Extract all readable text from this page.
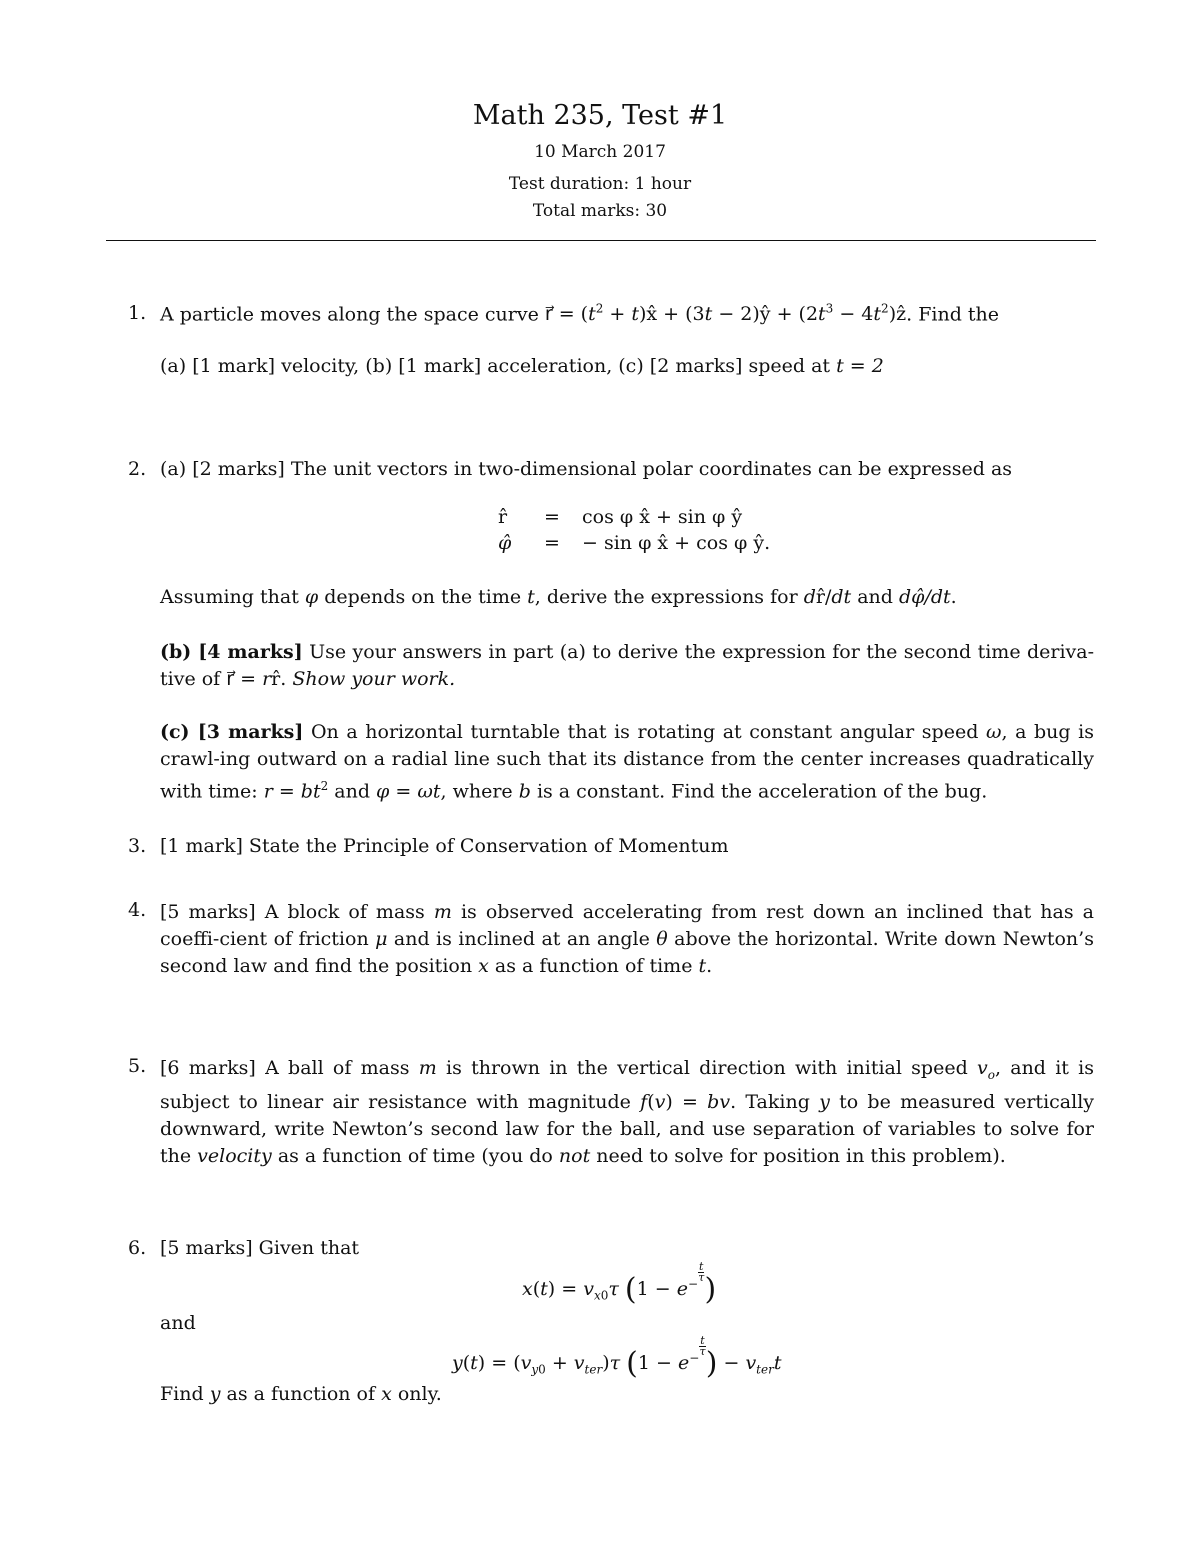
Math 235, Test #1
10 March 2017
Test duration: 1 hour
Total marks: 30
1. A particle moves along the space curve r⃗ = ($t^2$ + t)x̂ + (3t − 2)ŷ + ($2t^3$ − $4t^2)ẑ$. Find the
(a) [1 mark] velocity, (b) [1 mark] acceleration, (c) [2 marks] speed at t = 2
2. (a) [2 marks] The unit vectors in two-dimensional polar coordinates can be expressed as
r̂	=	cos φ x̂ + sin φ ŷ
φ̂	=	− sin φ x̂ + cos φ ŷ.
Assuming that φ depends on the time t, derive the expressions for dr̂/dt and dφ̂/dt.
(b) [4 marks] Use your answers in part (a) to derive the expression for the second time deriva-tive of r⃗ = rr̂. Show your work.
(c) [3 marks] On a horizontal turntable that is rotating at constant angular speed ω, a bug is crawl-ing outward on a radial line such that its distance from the center increases quadratically with time: $r = bt^2$ and φ = ωt, where b is a constant. Find the acceleration of the bug.
3. [1 mark] State the Principle of Conservation of Momentum
4. [5 marks] A block of mass m is observed accelerating from rest down an inclined that has a coeffi-cient of friction μ and is inclined at an angle θ above the horizontal. Write down Newton’s second law and find the position x as a function of time t.
5. [6 marks] A ball of mass m is thrown in the vertical direction with initial speed $v_o$, and it is subject to linear air resistance with magnitude f(v) = bv. Taking y to be measured vertically downward, write Newton’s second law for the ball, and use separation of variables to solve for the velocity as a function of time (you do not need to solve for position in this problem).
6. [5 marks] Given that
$x(t) = v_{x0}\tau$ ($1 - e^{- \frac{t}{\tau}}$ )
and
$y(t) = (v_{y0} + v_{ter})\tau$ ($1 - e^{- \frac{t}{\tau}}$ ) − $v_{ter}t$
Find y as a function of x only.
